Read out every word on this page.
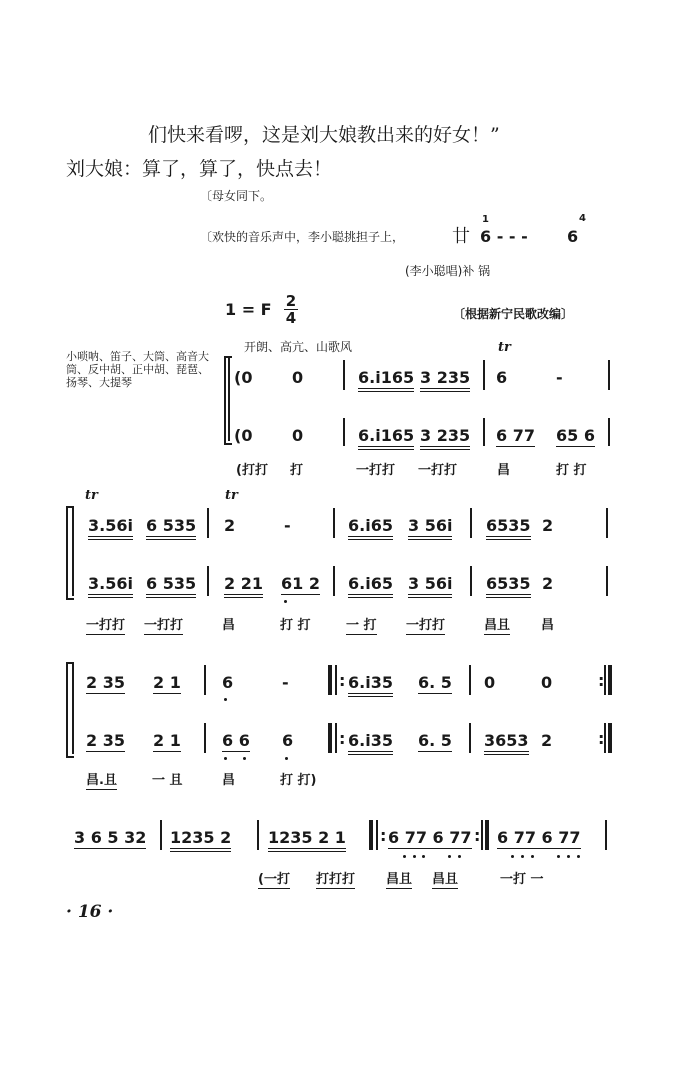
们快来看啰，这是刘大娘教出来的好女！”
刘大娘：算了，算了，快点去！
〔母女同下。
〔欢快的音乐声中，李小聪挑担子上，	廿
1
6 - - - 6
4
(李小聪唱)补 锅
1 = F $\frac{2}{4}$	〔根据新宁民歌改编〕
开朗、高亢、山歌风	tr
小唢呐、笛子、大筒、高音大筒、反中胡、正中胡、琵琶、扬琴、大提琴	(0 0	6.i165 3 235 6	-
(0 0	6.i165 3 235 6 77 65 6
(打打 打	一打打 一打打	昌	打 打
tr	tr
3.56i 6 535 2	-	6.i65 3 56i 6535 2
3.56i 6 535 2 21 61 2 6.i65 3 56i 6535 2
一打打 一打打	昌	打 打	一 打 一打打	昌且 昌
2 35 2 1	6	-	: 6.i35 6. 5 0	0	:
2 35 2 1	6 6 6	: 6.i35 6. 5 3653 2	:
昌.且	一 且	昌	打 打)
3 6 5 32 1235 2 1235 2 1 : 6 77 6 77 : 6 77 6 77
(一打 打打打 昌且 昌且	一打 一
· 16 ·
